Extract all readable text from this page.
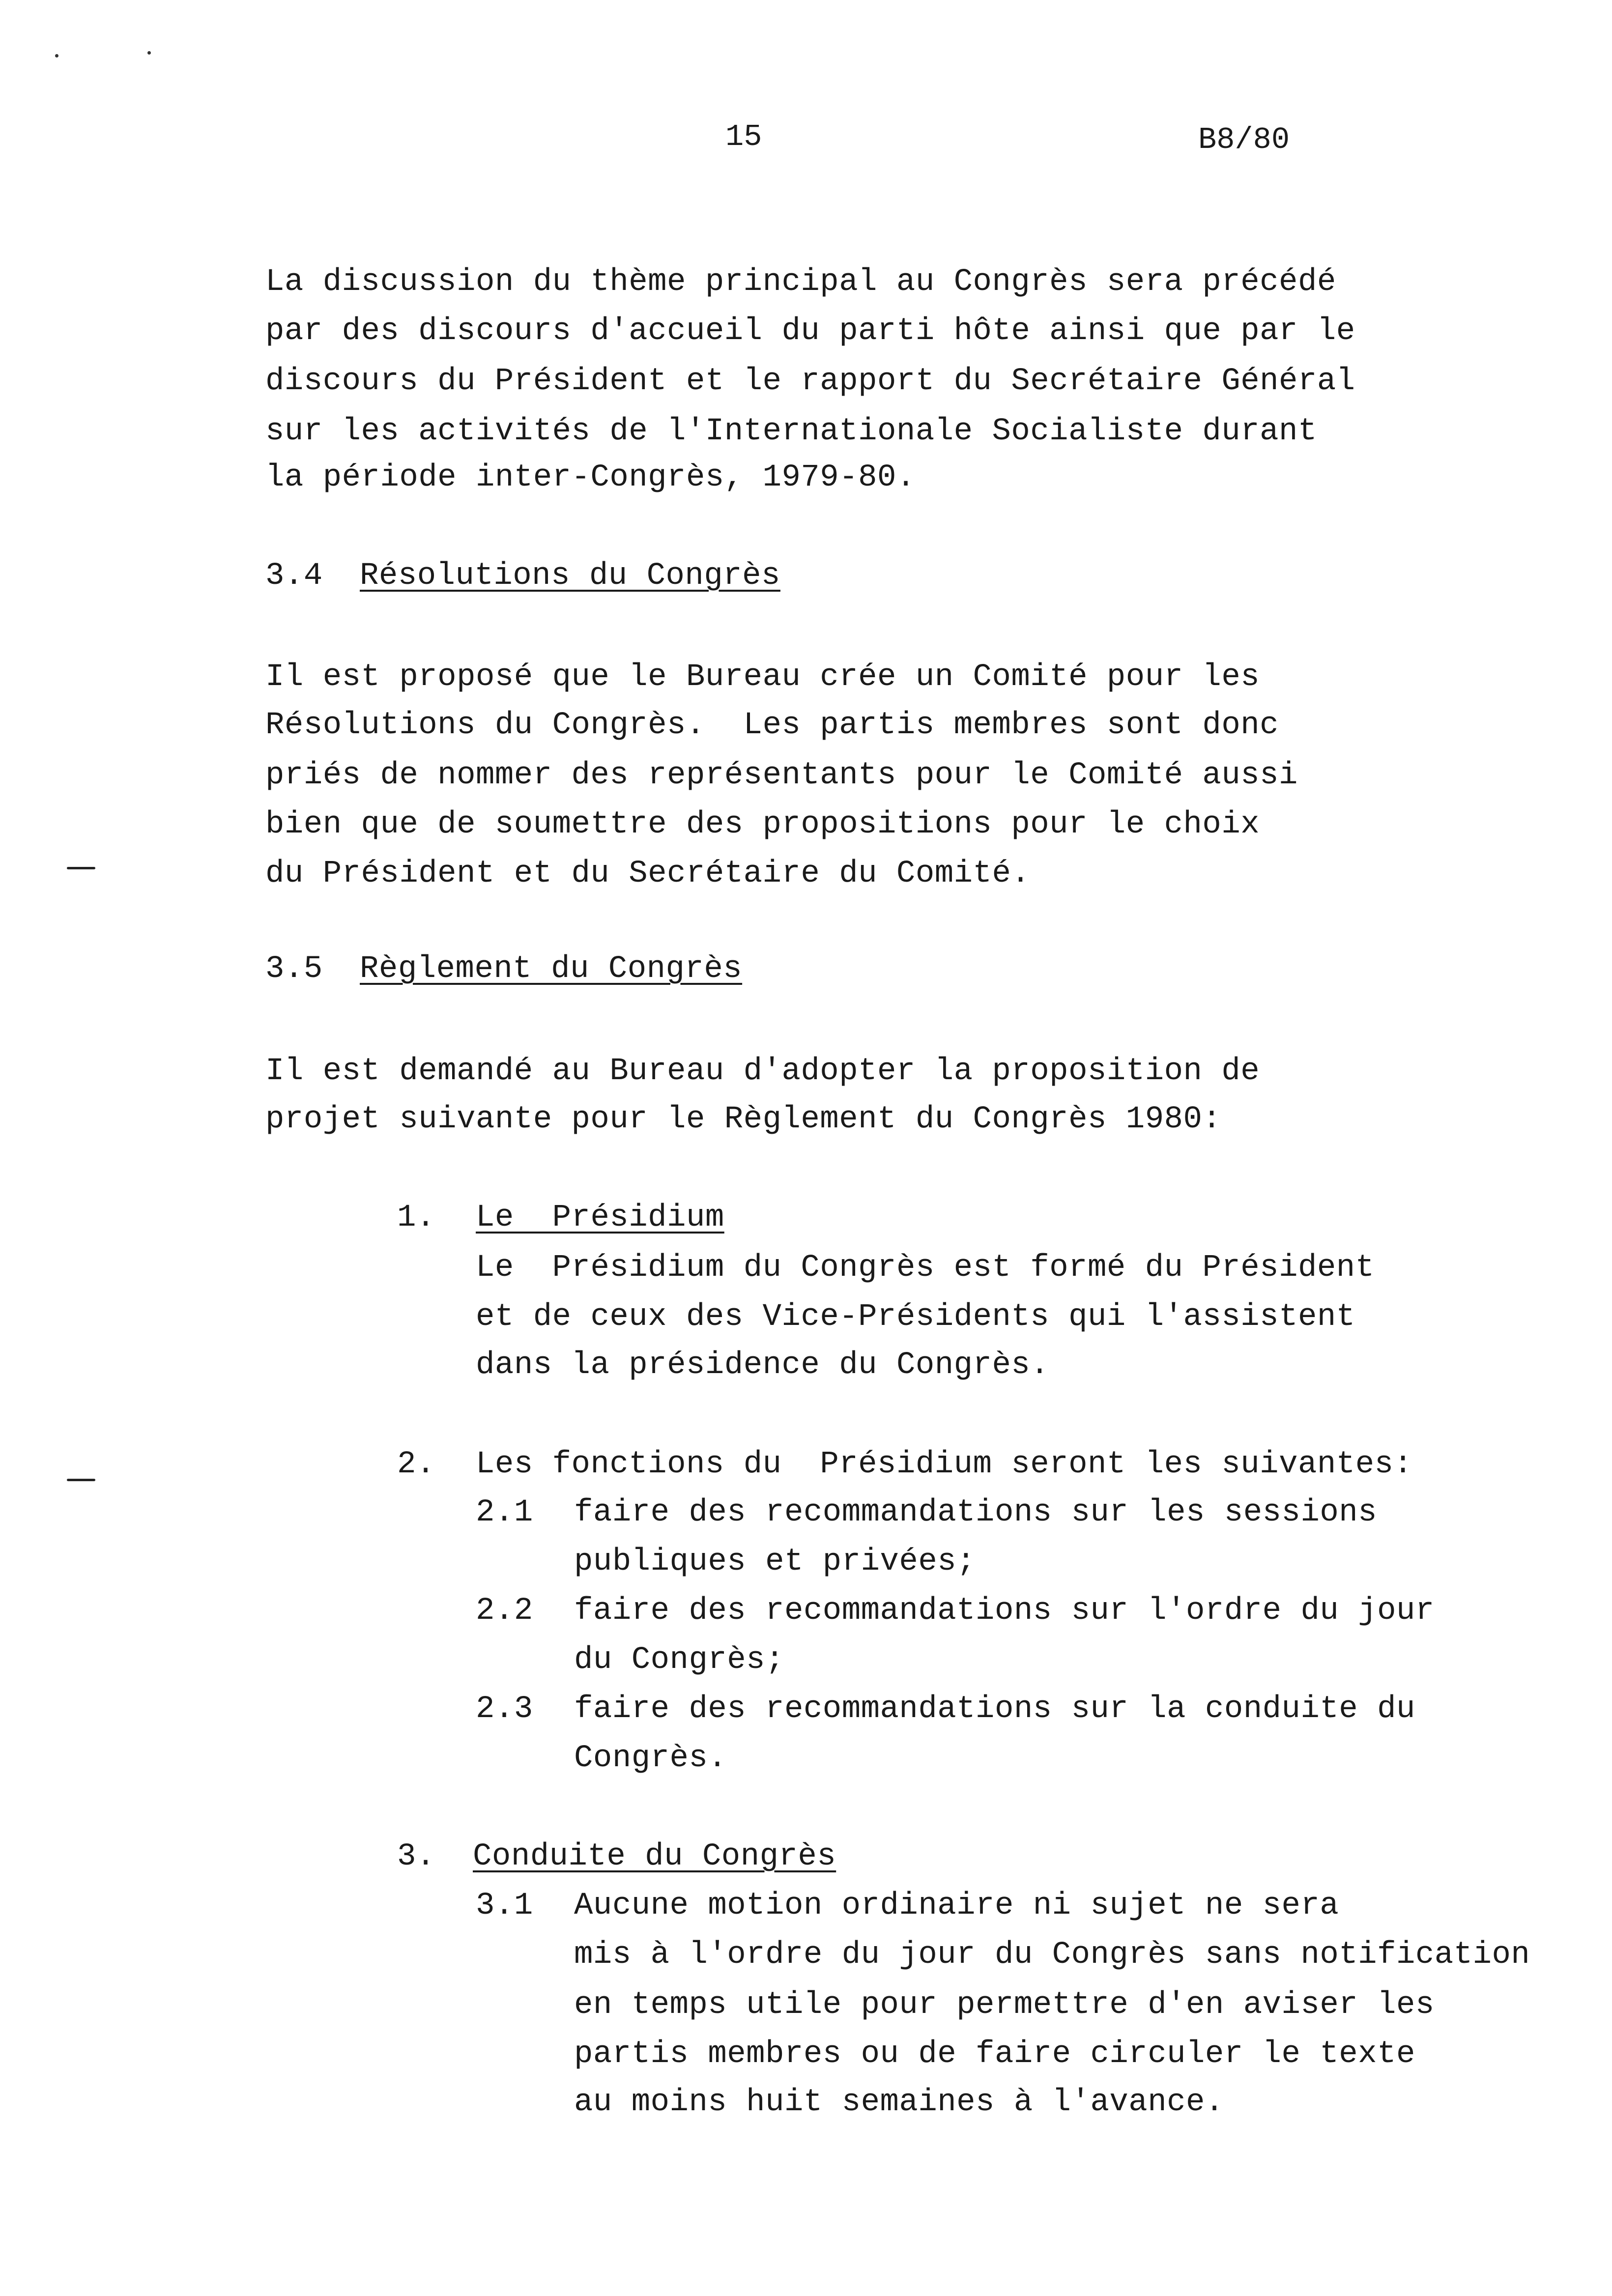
15	B8/80
La discussion du thème principal au Congrès sera précédé
par des discours d'accueil du parti hôte ainsi que par le
discours du Président et le rapport du Secrétaire Général
sur les activités de l'Internationale Socialiste durant
la période inter-Congrès, 1979-80.
3.4 Résolutions du Congrès
Il est proposé que le Bureau crée un Comité pour les
Résolutions du Congrès.  Les partis membres sont donc
priés de nommer des représentants pour le Comité aussi
bien que de soumettre des propositions pour le choix
du Président et du Secrétaire du Comité.
3.5 Règlement du Congrès
Il est demandé au Bureau d'adopter la proposition de
projet suivante pour le Règlement du Congrès 1980:
1. Le  Présidium
Le  Présidium du Congrès est formé du Président
et de ceux des Vice-Présidents qui l'assistent
dans la présidence du Congrès.
2. Les fonctions du  Présidium seront les suivantes:
2.1 faire des recommandations sur les sessions
publiques et privées;
2.2 faire des recommandations sur l'ordre du jour
du Congrès;
2.3 faire des recommandations sur la conduite du
Congrès.
3. Conduite du Congrès
3.1 Aucune motion ordinaire ni sujet ne sera
mis à l'ordre du jour du Congrès sans notification
en temps utile pour permettre d'en aviser les
partis membres ou de faire circuler le texte
au moins huit semaines à l'avance.
